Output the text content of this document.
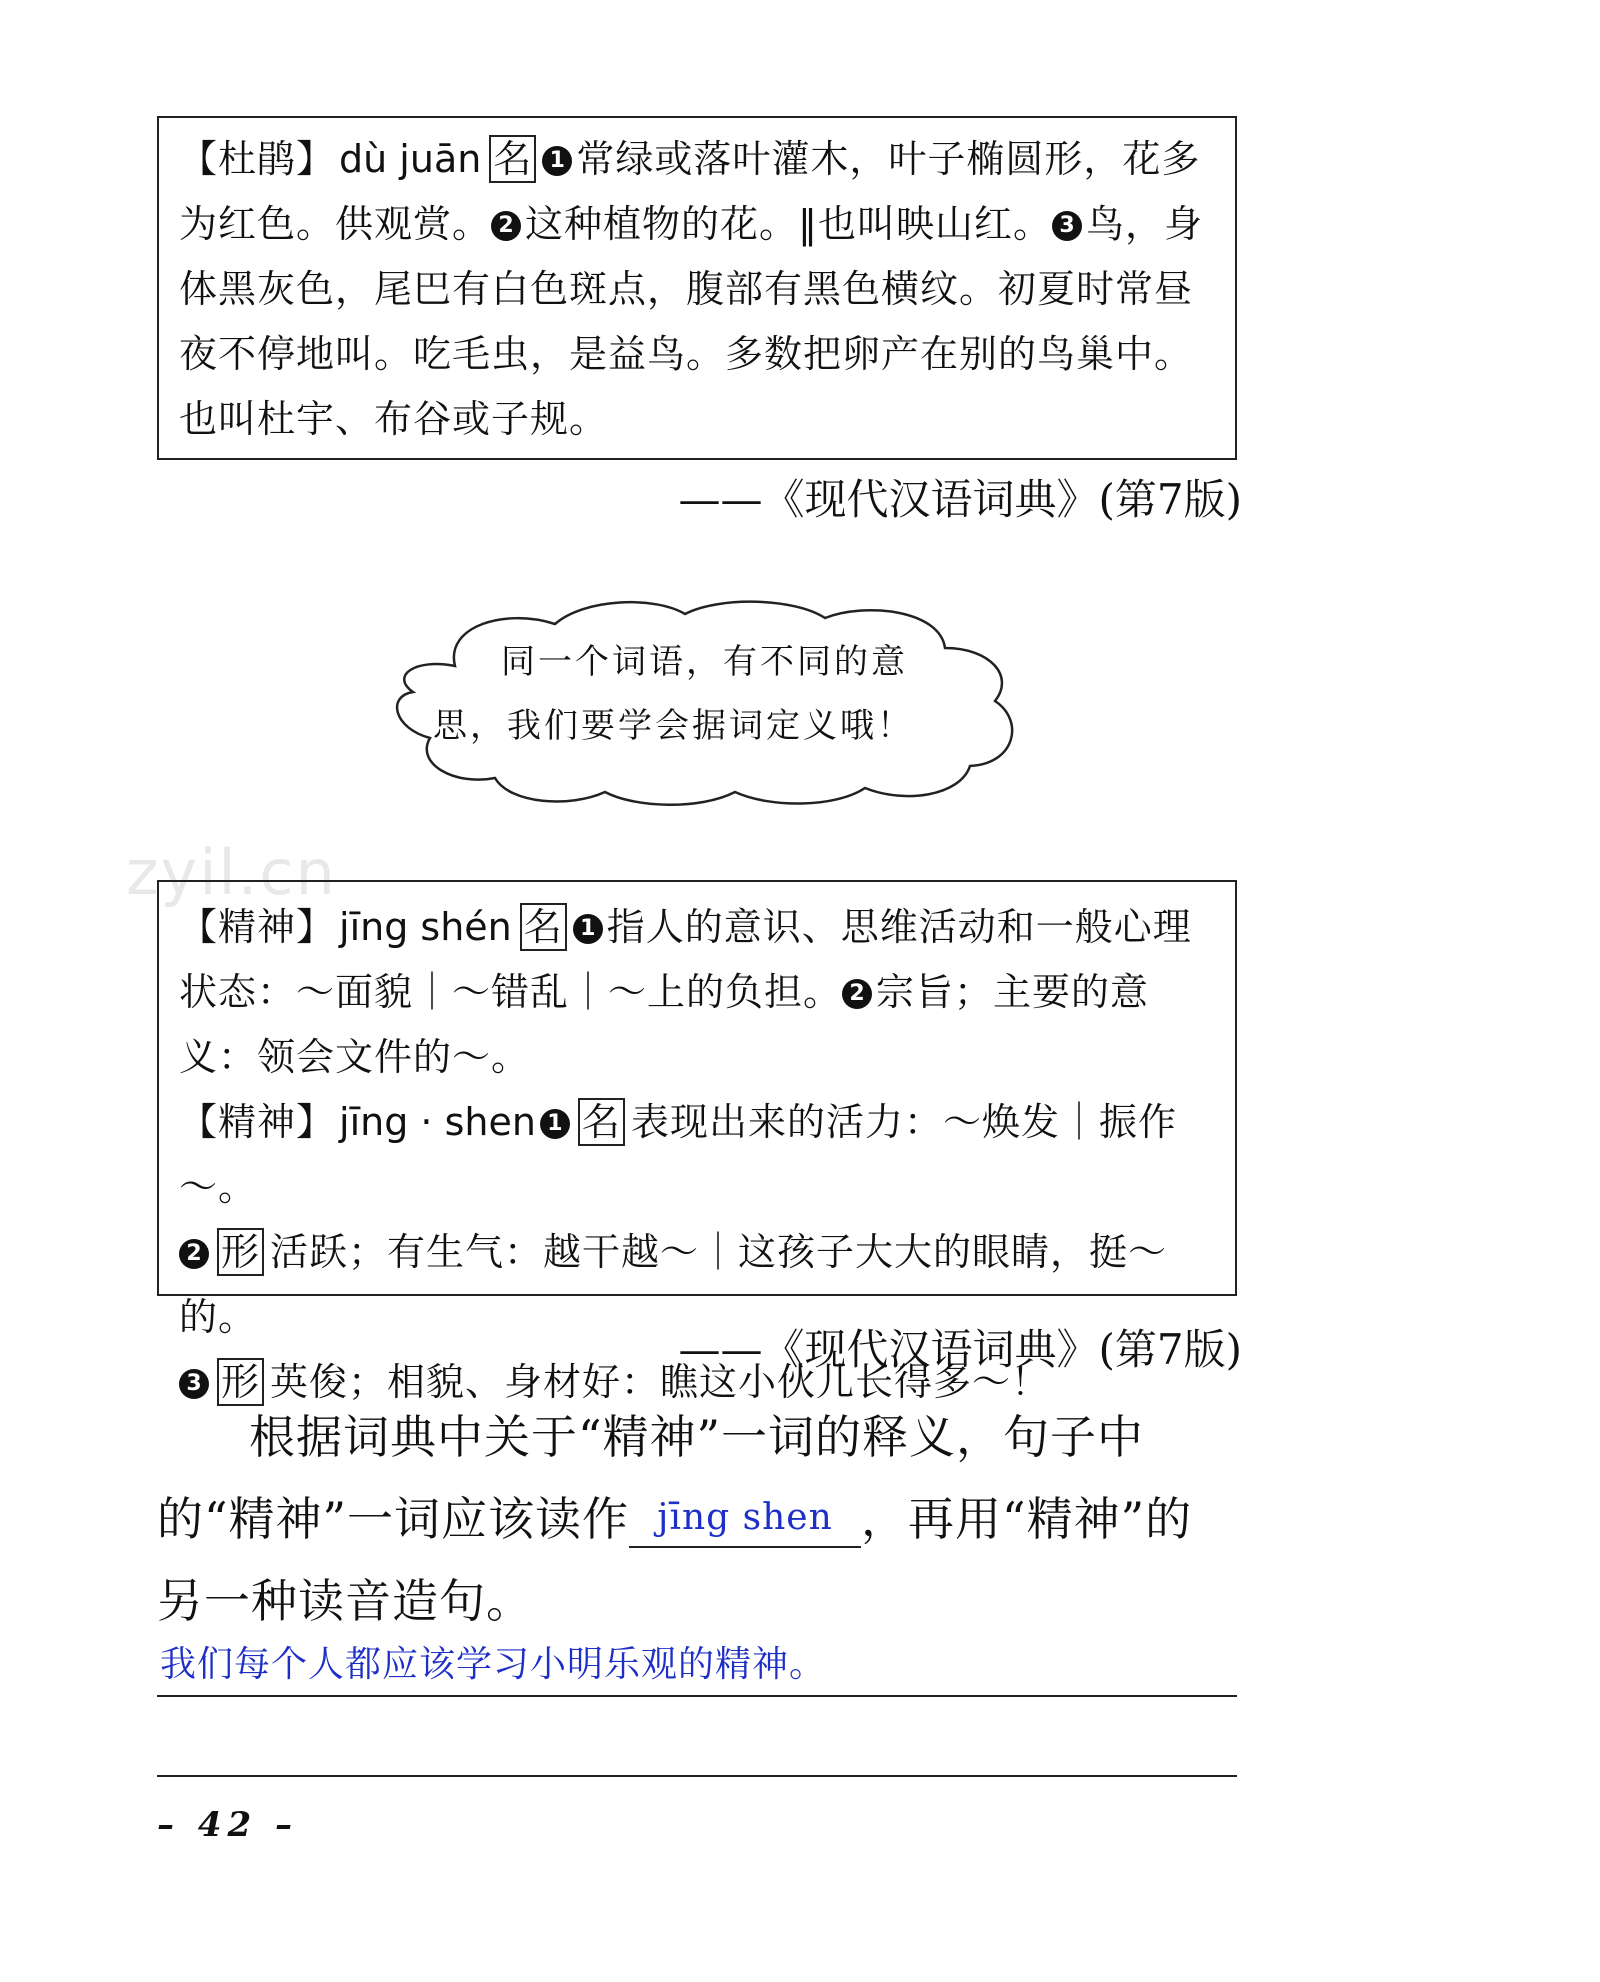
【杜鹃】 dù juān 名 1 常绿或落叶灌木，叶子椭圆形，花多为红色。供观赏。 2 这种植物的花。‖也叫映山红。 3 鸟，身体黑灰色，尾巴有白色斑点，腹部有黑色横纹。初夏时常昼夜不停地叫。吃毛虫，是益鸟。多数把卵产在别的鸟巢中。也叫杜宇、布谷或子规。
——《现代汉语词典》(第7版)
同一个词语，有不同的意思，我们要学会据词定义哦！
zyil.cn
【精神】 jīng shén 名 1 指人的意识、思维活动和一般心理状态：～面貌｜～错乱｜～上的负担。 2 宗旨；主要的意义：领会文件的～。
【精神】 jīng · shen 1 名 表现出来的活力：～焕发｜振作～。
2 形 活跃；有生气：越干越～｜这孩子大大的眼睛，挺～的。
3 形 英俊；相貌、身材好：瞧这小伙儿长得多～！
——《现代汉语词典》(第7版)
根据词典中关于“精神”一词的释义，句子中的“精神”一词应该读作 jīng shen ，再用“精神”的另一种读音造句。
我们每个人都应该学习小明乐观的精神。
– 42 –
